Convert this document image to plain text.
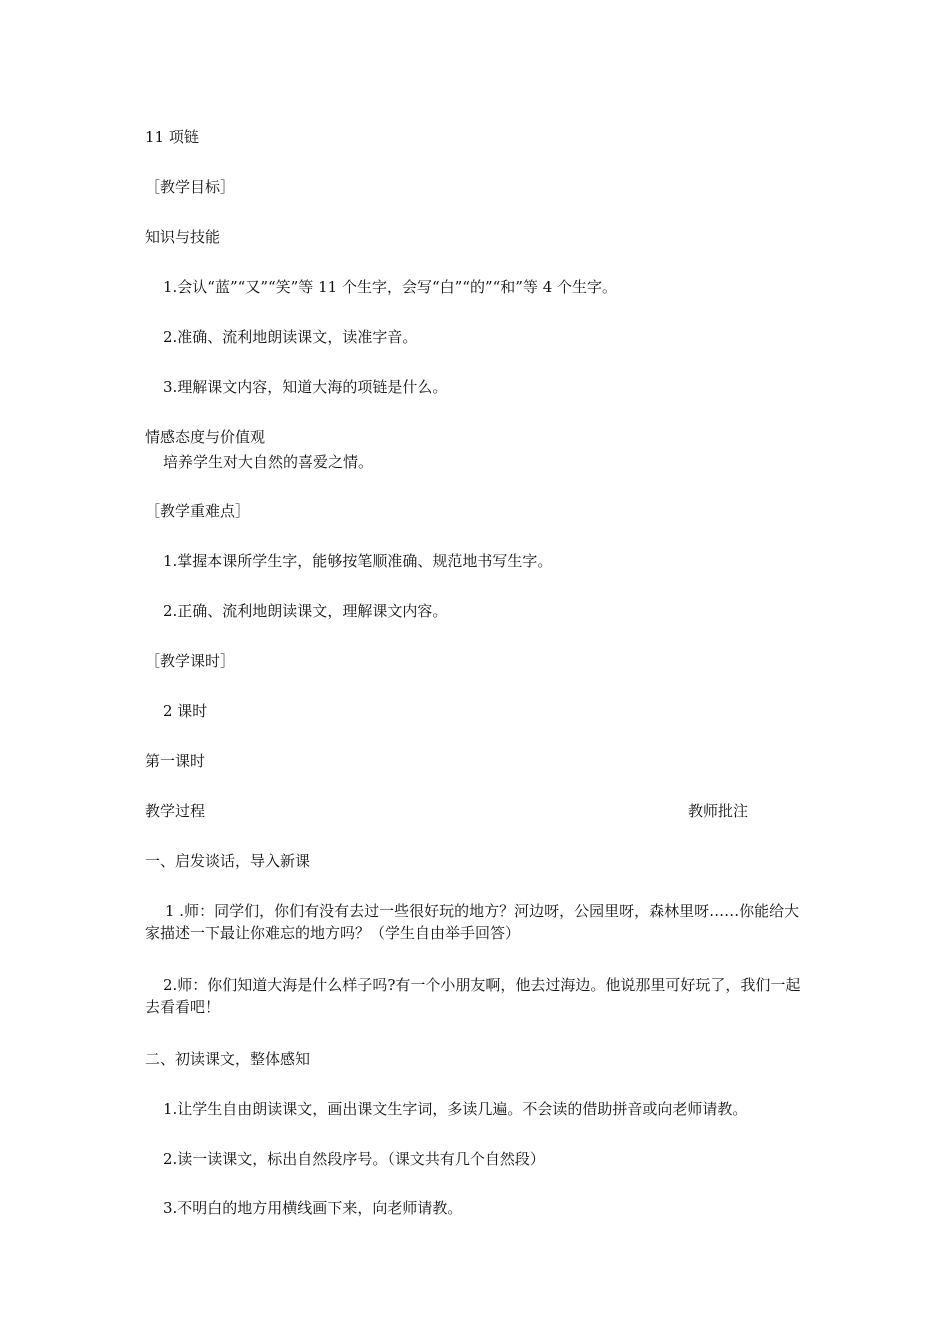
11 项链
［教学目标］
知识与技能
1.会认“蓝”“又”“笑”等 11 个生字，会写“白”“的”“和”等 4 个生字。
2.准确、流利地朗读课文，读准字音。
3.理解课文内容，知道大海的项链是什么。
情感态度与价值观
培养学生对大自然的喜爱之情。
［教学重难点］
1.掌握本课所学生字，能够按笔顺准确、规范地书写生字。
2.正确、流利地朗读课文，理解课文内容。
［教学课时］
2 课时
第一课时
教学过程	教师批注
一、启发谈话，导入新课
1 .师：同学们，你们有没有去过一些很好玩的地方？河边呀，公园里呀，森林里呀……你能给大家描述一下最让你难忘的地方吗？（学生自由举手回答）
2.师：你们知道大海是什么样子吗?有一个小朋友啊，他去过海边。他说那里可好玩了，我们一起去看看吧！
二、初读课文，整体感知
1.让学生自由朗读课文，画出课文生字词，多读几遍。不会读的借助拼音或向老师请教。
2.读一读课文，标出自然段序号。（课文共有几个自然段）
3.不明白的地方用横线画下来，向老师请教。
